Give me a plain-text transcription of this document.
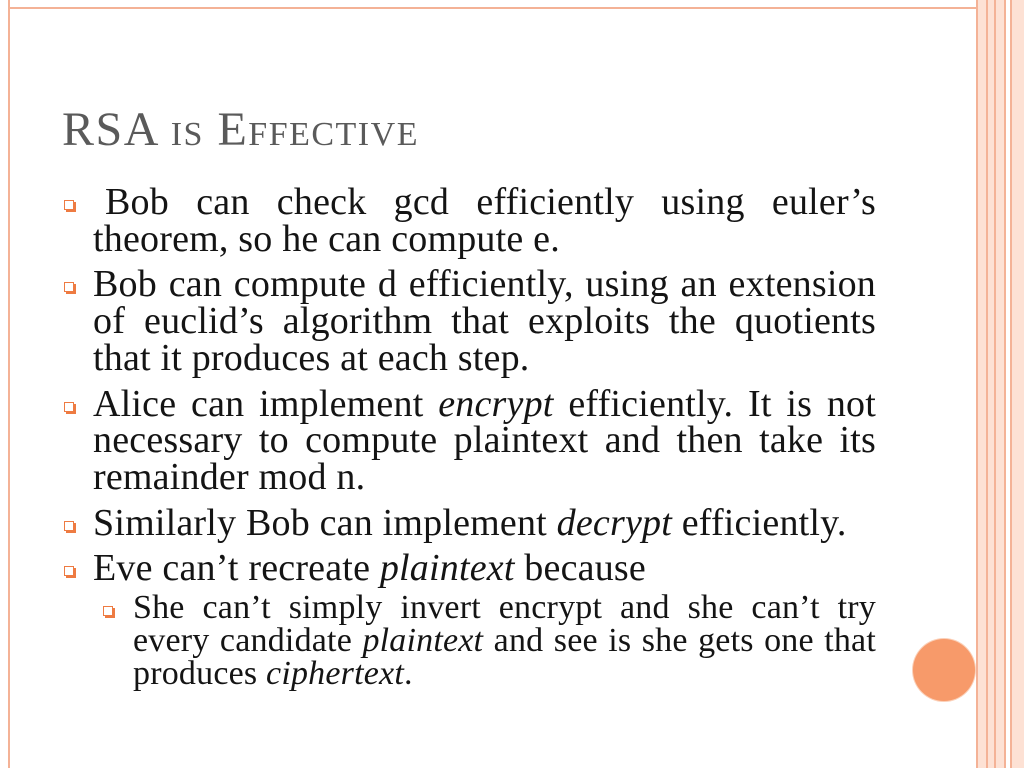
RSA is Effective

Bob can check gcd efficiently using euler’s theorem, so he can compute e.

Bob can compute d efficiently, using an extension of euclid’s algorithm that exploits the quotients that it produces at each step.

Alice can implement encrypt efficiently. It is not necessary to compute plaintext and then take its remainder mod n.

Similarly Bob can implement decrypt efficiently.

Eve can’t recreate plaintext because

She can’t simply invert encrypt and she can’t try every candidate plaintext and see is she gets one that produces ciphertext.
